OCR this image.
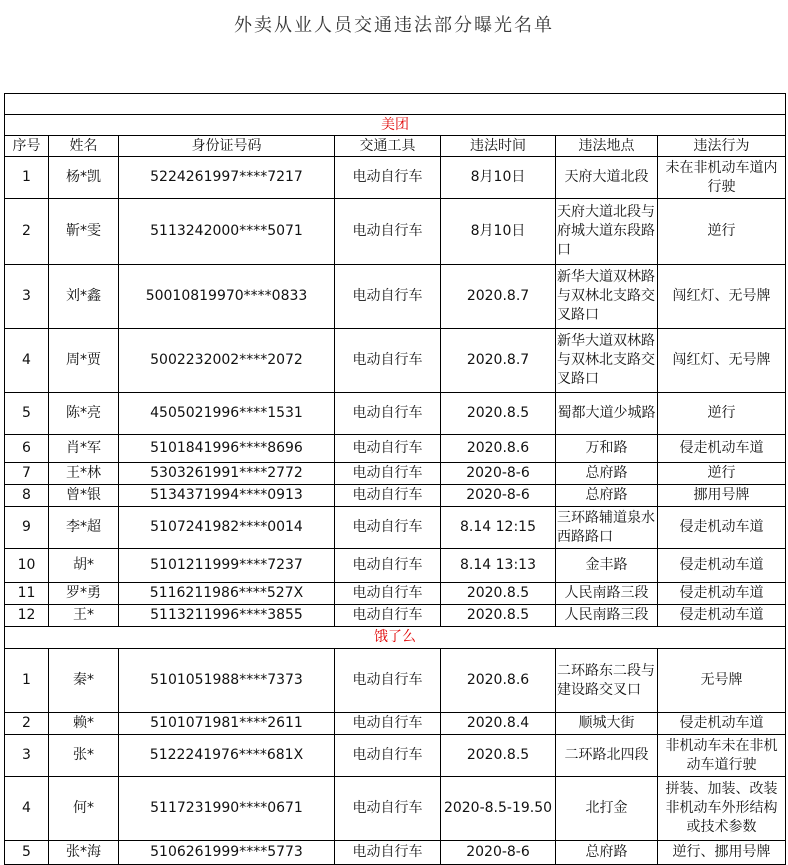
外卖从业人员交通违法部分曝光名单

美团						
序号	姓名	身份证号码	交通工具	违法时间	违法地点	违法行为
1	杨*凯	5224261997****7217	电动自行车	8月10日	天府大道北段	未在非机动车道内行驶
2	靳*雯	5113242000****5071	电动自行车	8月10日	天府大道北段与府城大道东段路口	逆行
3	刘*鑫	50010819970****0833	电动自行车	2020.8.7	新华大道双林路与双林北支路交叉路口	闯红灯、无号牌
4	周*贾	5002232002****2072	电动自行车	2020.8.7	新华大道双林路与双林北支路交叉路口	闯红灯、无号牌
5	陈*亮	4505021996****1531	电动自行车	2020.8.5	蜀都大道少城路	逆行
6	肖*军	5101841996****8696	电动自行车	2020.8.6	万和路	侵走机动车道
7	王*林	5303261991****2772	电动自行车	2020-8-6	总府路	逆行
8	曾*银	5134371994****0913	电动自行车	2020-8-6	总府路	挪用号牌
9	李*超	5107241982****0014	电动自行车	8.14 12:15	三环路辅道泉水西路路口	侵走机动车道
10	胡*	5101211999****7237	电动自行车	8.14 13:13	金丰路	侵走机动车道
11	罗*勇	5116211986****527X	电动自行车	2020.8.5	人民南路三段	侵走机动车道
12	王*	5113211996****3855	电动自行车	2020.8.5	人民南路三段	侵走机动车道
饿了么						
1	秦*	5101051988****7373	电动自行车	2020.8.6	二环路东二段与建设路交叉口	无号牌
2	赖*	5101071981****2611	电动自行车	2020.8.4	顺城大街	侵走机动车道
3	张*	5122241976****681X	电动自行车	2020.8.5	二环路北四段	非机动车未在非机动车道行驶
4	何*	5117231990****0671	电动自行车	2020-8.5-19.50	北打金	拼装、加装、改装非机动车外形结构或技术参数
5	张*海	5106261999****5773	电动自行车	2020-8-6	总府路	逆行、挪用号牌
